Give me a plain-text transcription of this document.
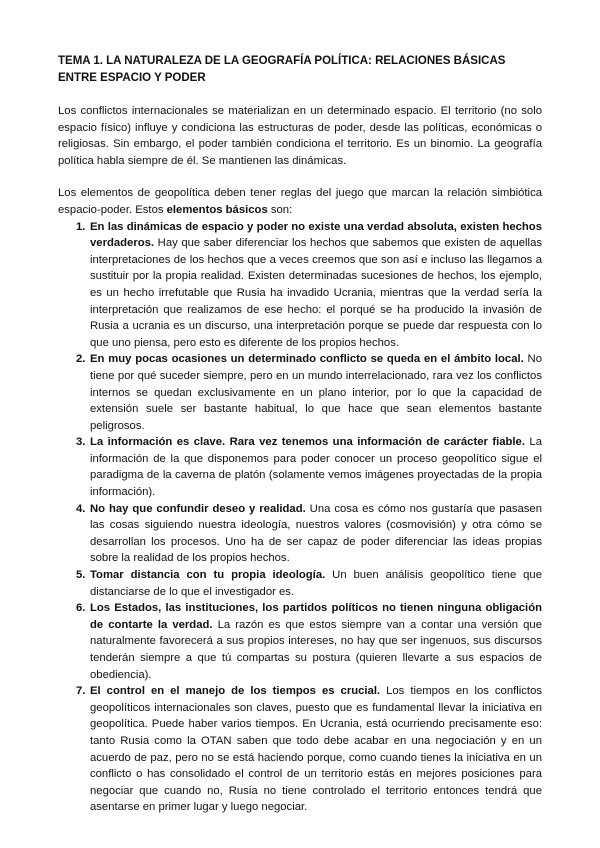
TEMA 1. LA NATURALEZA DE LA GEOGRAFÍA POLÍTICA: RELACIONES BÁSICAS ENTRE ESPACIO Y PODER

Los conflictos internacionales se materializan en un determinado espacio. El territorio (no solo espacio físico) influye y condiciona las estructuras de poder, desde las políticas, económicas o religiosas. Sin embargo, el poder también condiciona el territorio. Es un binomio. La geografía política habla siempre de él. Se mantienen las dinámicas.

Los elementos de geopolítica deben tener reglas del juego que marcan la relación simbiótica espacio-poder. Estos elementos básicos son:

1. En las dinámicas de espacio y poder no existe una verdad absoluta, existen hechos verdaderos. Hay que saber diferenciar los hechos que sabemos que existen de aquellas interpretaciones de los hechos que a veces creemos que son así e incluso las llegamos a sustituir por la propia realidad. Existen determinadas sucesiones de hechos, los ejemplo, es un hecho irrefutable que Rusia ha invadido Ucrania, mientras que la verdad sería la interpretación que realizamos de ese hecho: el porqué se ha producido la invasión de Rusia a ucrania es un discurso, una interpretación porque se puede dar respuesta con lo que uno piensa, pero esto es diferente de los propios hechos.
2. En muy pocas ocasiones un determinado conflicto se queda en el ámbito local. No tiene por qué suceder siempre, pero en un mundo interrelacionado, rara vez los conflictos internos se quedan exclusivamente en un plano interior, por lo que la capacidad de extensión suele ser bastante habitual, lo que hace que sean elementos bastante peligrosos.
3. La información es clave. Rara vez tenemos una información de carácter fiable. La información de la que disponemos para poder conocer un proceso geopolítico sigue el paradigma de la caverna de platón (solamente vemos imágenes proyectadas de la propia información).
4. No hay que confundir deseo y realidad. Una cosa es cómo nos gustaría que pasasen las cosas siguiendo nuestra ideología, nuestros valores (cosmovisión) y otra cómo se desarrollan los procesos. Uno ha de ser capaz de poder diferenciar las ideas propias sobre la realidad de los propios hechos.
5. Tomar distancia con tu propia ideología. Un buen análisis geopolítico tiene que distanciarse de lo que el investigador es.
6. Los Estados, las instituciones, los partidos políticos no tienen ninguna obligación de contarte la verdad. La razón es que estos siempre van a contar una versión que naturalmente favorecerá a sus propios intereses, no hay que ser ingenuos, sus discursos tenderán siempre a que tú compartas su postura (quieren llevarte a sus espacios de obediencia).
7. El control en el manejo de los tiempos es crucial. Los tiempos en los conflictos geopolíticos internacionales son claves, puesto que es fundamental llevar la iniciativa en geopolítica. Puede haber varios tiempos. En Ucrania, está ocurriendo precisamente eso: tanto Rusia como la OTAN saben que todo debe acabar en una negociación y en un acuerdo de paz, pero no se está haciendo porque, como cuando tienes la iniciativa en un conflicto o has consolidado el control de un territorio estás en mejores posiciones para negociar que cuando no, Rusia no tiene controlado el territorio entonces tendrá que asentarse en primer lugar y luego negociar.
